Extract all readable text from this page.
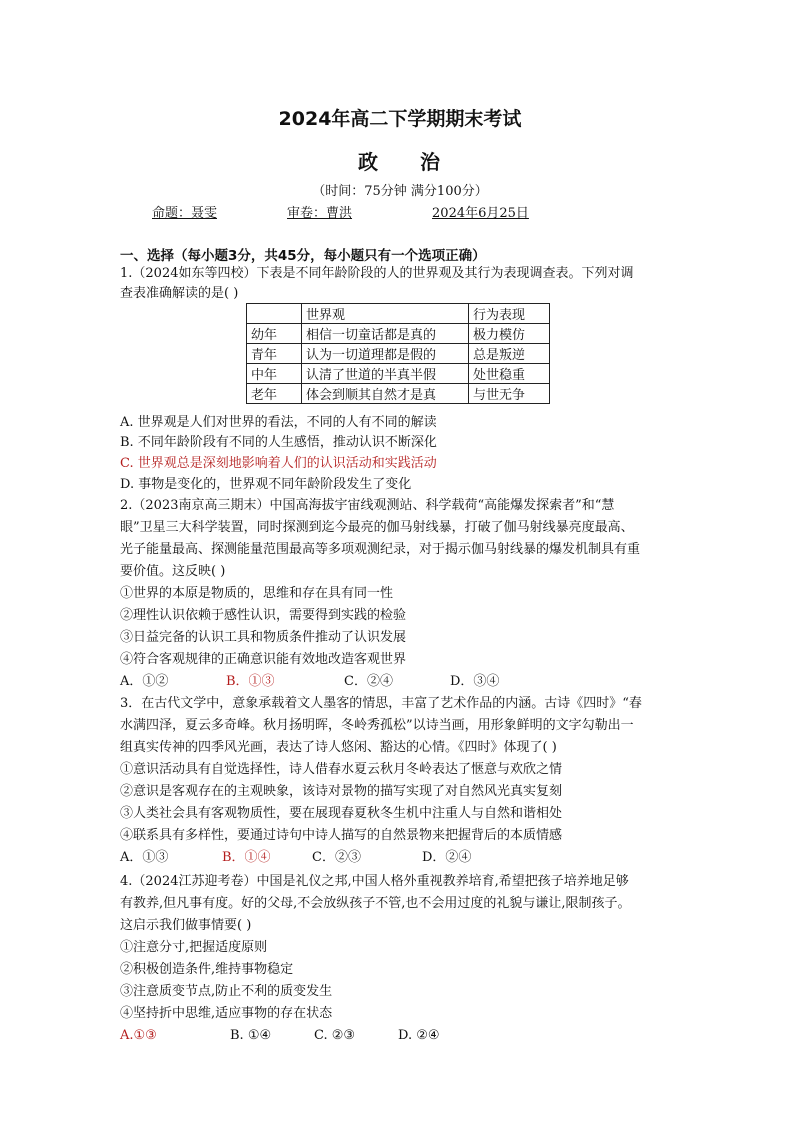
2024年高二下学期期末考试
政 治
（时间：75分钟 满分100分）
命题：聂雯	审卷：曹洪	2024年6月25日
一、选择（每小题3分，共45分，每小题只有一个选项正确）
1.（2024如东等四校）下表是不同年龄阶段的人的世界观及其行为表现调查表。下列对调
查表准确解读的是( )
	世界观	行为表现
幼年	相信一切童话都是真的	极力模仿
青年	认为一切道理都是假的	总是叛逆
中年	认清了世道的半真半假	处世稳重
老年	体会到顺其自然才是真	与世无争
A. 世界观是人们对世界的看法，不同的人有不同的解读
B. 不同年龄阶段有不同的人生感悟，推动认识不断深化
C. 世界观总是深刻地影响着人们的认识活动和实践活动
D. 事物是变化的，世界观不同年龄阶段发生了变化
2.（2023南京高三期末）中国高海拔宇宙线观测站、科学载荷“高能爆发探索者”和“慧
眼”卫星三大科学装置，同时探测到迄今最亮的伽马射线暴，打破了伽马射线暴亮度最高、
光子能量最高、探测能量范围最高等多项观测纪录，对于揭示伽马射线暴的爆发机制具有重
要价值。这反映( )
①世界的本原是物质的，思维和存在具有同一性
②理性认识依赖于感性认识，需要得到实践的检验
③日益完备的认识工具和物质条件推动了认识发展
④符合客观规律的正确意识能有效地改造客观世界
A．①②	B．①③	C．②④	D．③④
3．在古代文学中，意象承载着文人墨客的情思，丰富了艺术作品的内涵。古诗《四时》“春
水满四泽，夏云多奇峰。秋月扬明晖，冬岭秀孤松”以诗当画，用形象鲜明的文字勾勒出一
组真实传神的四季风光画，表达了诗人悠闲、豁达的心情。《四时》体现了( )
①意识活动具有自觉选择性，诗人借春水夏云秋月冬岭表达了惬意与欢欣之情
②意识是客观存在的主观映象，该诗对景物的描写实现了对自然风光真实复刻
③人类社会具有客观物质性，要在展现春夏秋冬生机中注重人与自然和谐相处
④联系具有多样性，要通过诗句中诗人描写的自然景物来把握背后的本质情感
A．①③	B．①④	C．②③	D．②④
4.（2024江苏迎考卷）中国是礼仪之邦,中国人格外重视教养培育,希望把孩子培养地足够
有教养,但凡事有度。好的父母,不会放纵孩子不管,也不会用过度的礼貌与谦让,限制孩子。
这启示我们做事情要( )
①注意分寸,把握适度原则
②积极创造条件,维持事物稳定
③注意质变节点,防止不利的质变发生
④坚持折中思维,适应事物的存在状态
A.①③	B. ①④	C. ②③	D. ②④
